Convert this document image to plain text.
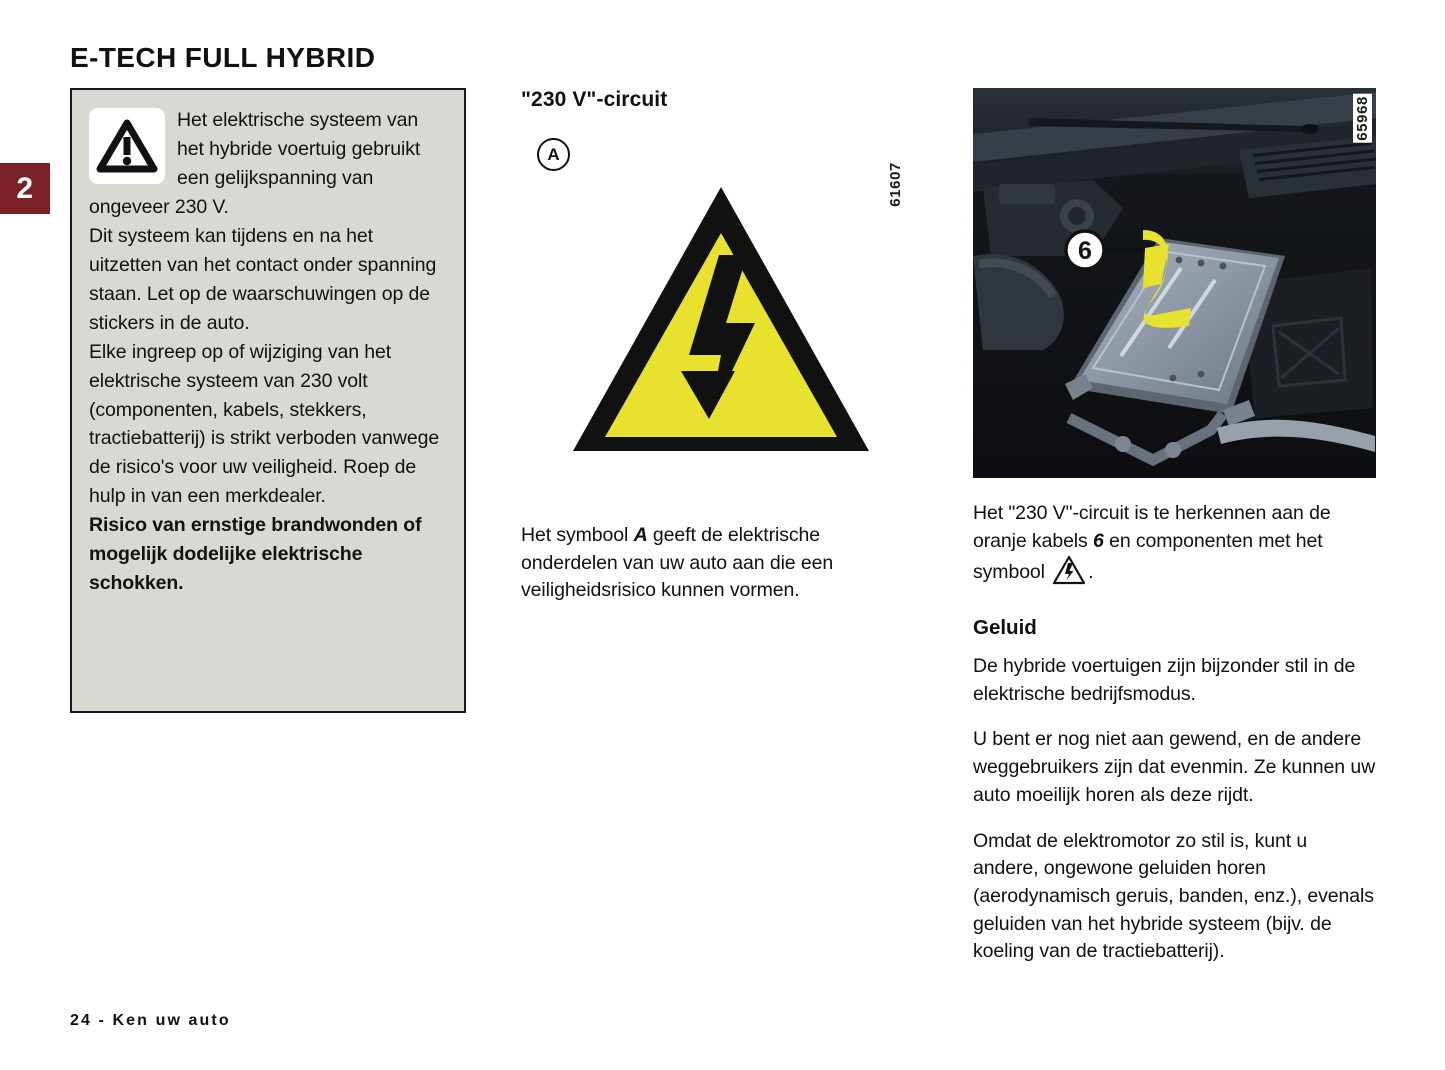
2
E-TECH FULL HYBRID

Het elektrische systeem van het hybride voertuig gebruikt een gelijkspanning van ongeveer 230 V.

Dit systeem kan tijdens en na het uitzetten van het contact onder spanning staan. Let op de waarschuwingen op de stickers in de auto.

Elke ingreep op of wijziging van het elektrische systeem van 230 volt (componenten, kabels, stekkers, tractiebatterij) is strikt verboden vanwege de risico's voor uw veiligheid. Roep de hulp in van een merkdealer.

Risico van ernstige brandwonden of mogelijk dodelijke elektrische schokken.

"230 V"-circuit
A
61607

Het symbool A geeft de elektrische onderdelen van uw auto aan die een veiligheidsrisico kunnen vormen.

6
65968

Het "230 V"-circuit is te herkennen aan de oranje kabels 6 en componenten met het symbool .

Geluid

De hybride voertuigen zijn bijzonder stil in de elektrische bedrijfsmodus.

U bent er nog niet aan gewend, en de andere weggebruikers zijn dat evenmin. Ze kunnen uw auto moeilijk horen als deze rijdt.

Omdat de elektromotor zo stil is, kunt u andere, ongewone geluiden horen (aerodynamisch geruis, banden, enz.), evenals geluiden van het hybride systeem (bijv. de koeling van de tractiebatterij).

24 - Ken uw auto
